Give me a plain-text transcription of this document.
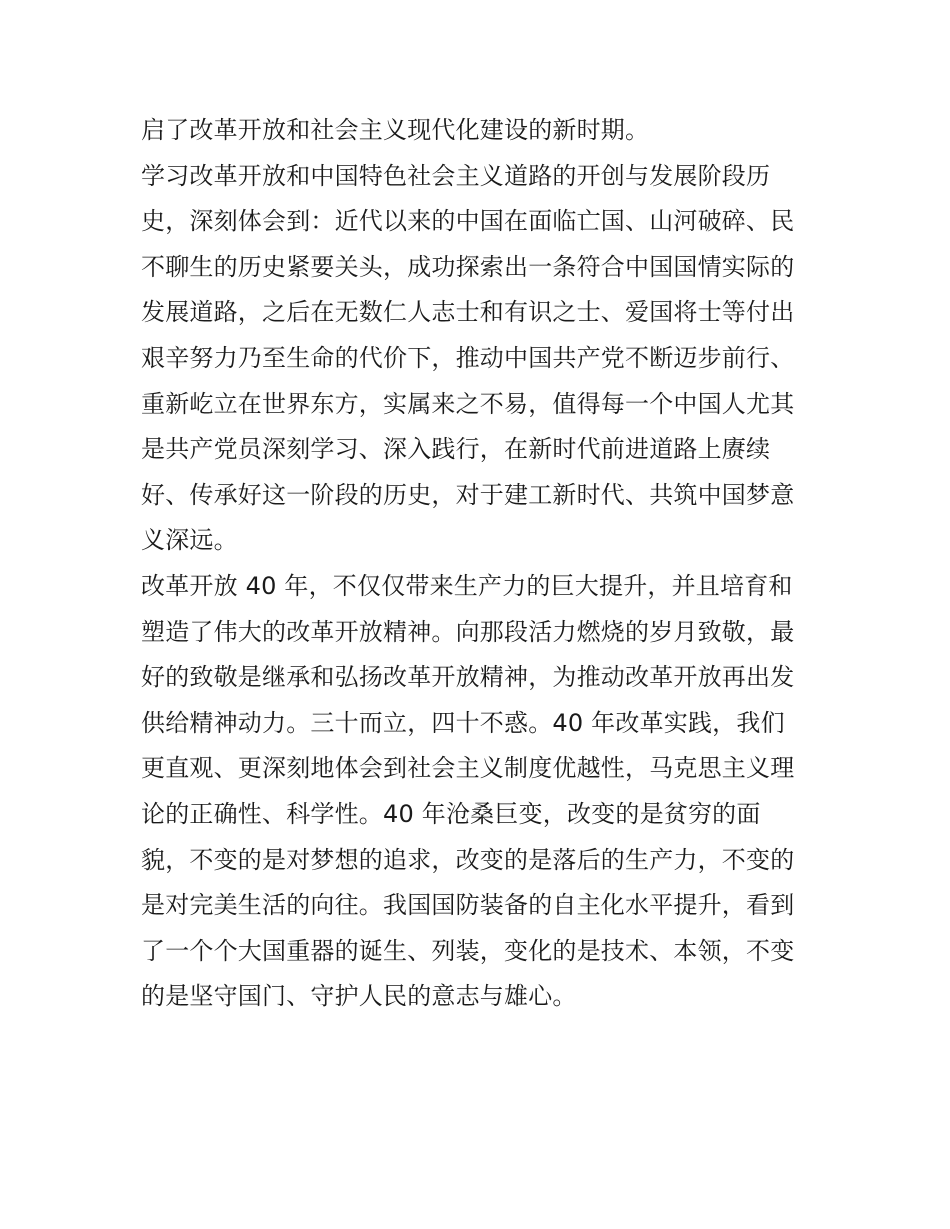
启了改革开放和社会主义现代化建设的新时期。
学习改革开放和中国特色社会主义道路的开创与发展阶段历
史，深刻体会到：近代以来的中国在面临亡国、山河破碎、民
不聊生的历史紧要关头，成功探索出一条符合中国国情实际的
发展道路，之后在无数仁人志士和有识之士、爱国将士等付出
艰辛努力乃至生命的代价下，推动中国共产党不断迈步前行、
重新屹立在世界东方，实属来之不易，值得每一个中国人尤其
是共产党员深刻学习、深入践行，在新时代前进道路上赓续
好、传承好这一阶段的历史，对于建工新时代、共筑中国梦意
义深远。
改革开放 40 年，不仅仅带来生产力的巨大提升，并且培育和
塑造了伟大的改革开放精神。向那段活力燃烧的岁月致敬，最
好的致敬是继承和弘扬改革开放精神，为推动改革开放再出发
供给精神动力。三十而立，四十不惑。40 年改革实践，我们
更直观、更深刻地体会到社会主义制度优越性，马克思主义理
论的正确性、科学性。40 年沧桑巨变，改变的是贫穷的面
貌，不变的是对梦想的追求，改变的是落后的生产力，不变的
是对完美生活的向往。我国国防装备的自主化水平提升，看到
了一个个大国重器的诞生、列装，变化的是技术、本领，不变
的是坚守国门、守护人民的意志与雄心。
